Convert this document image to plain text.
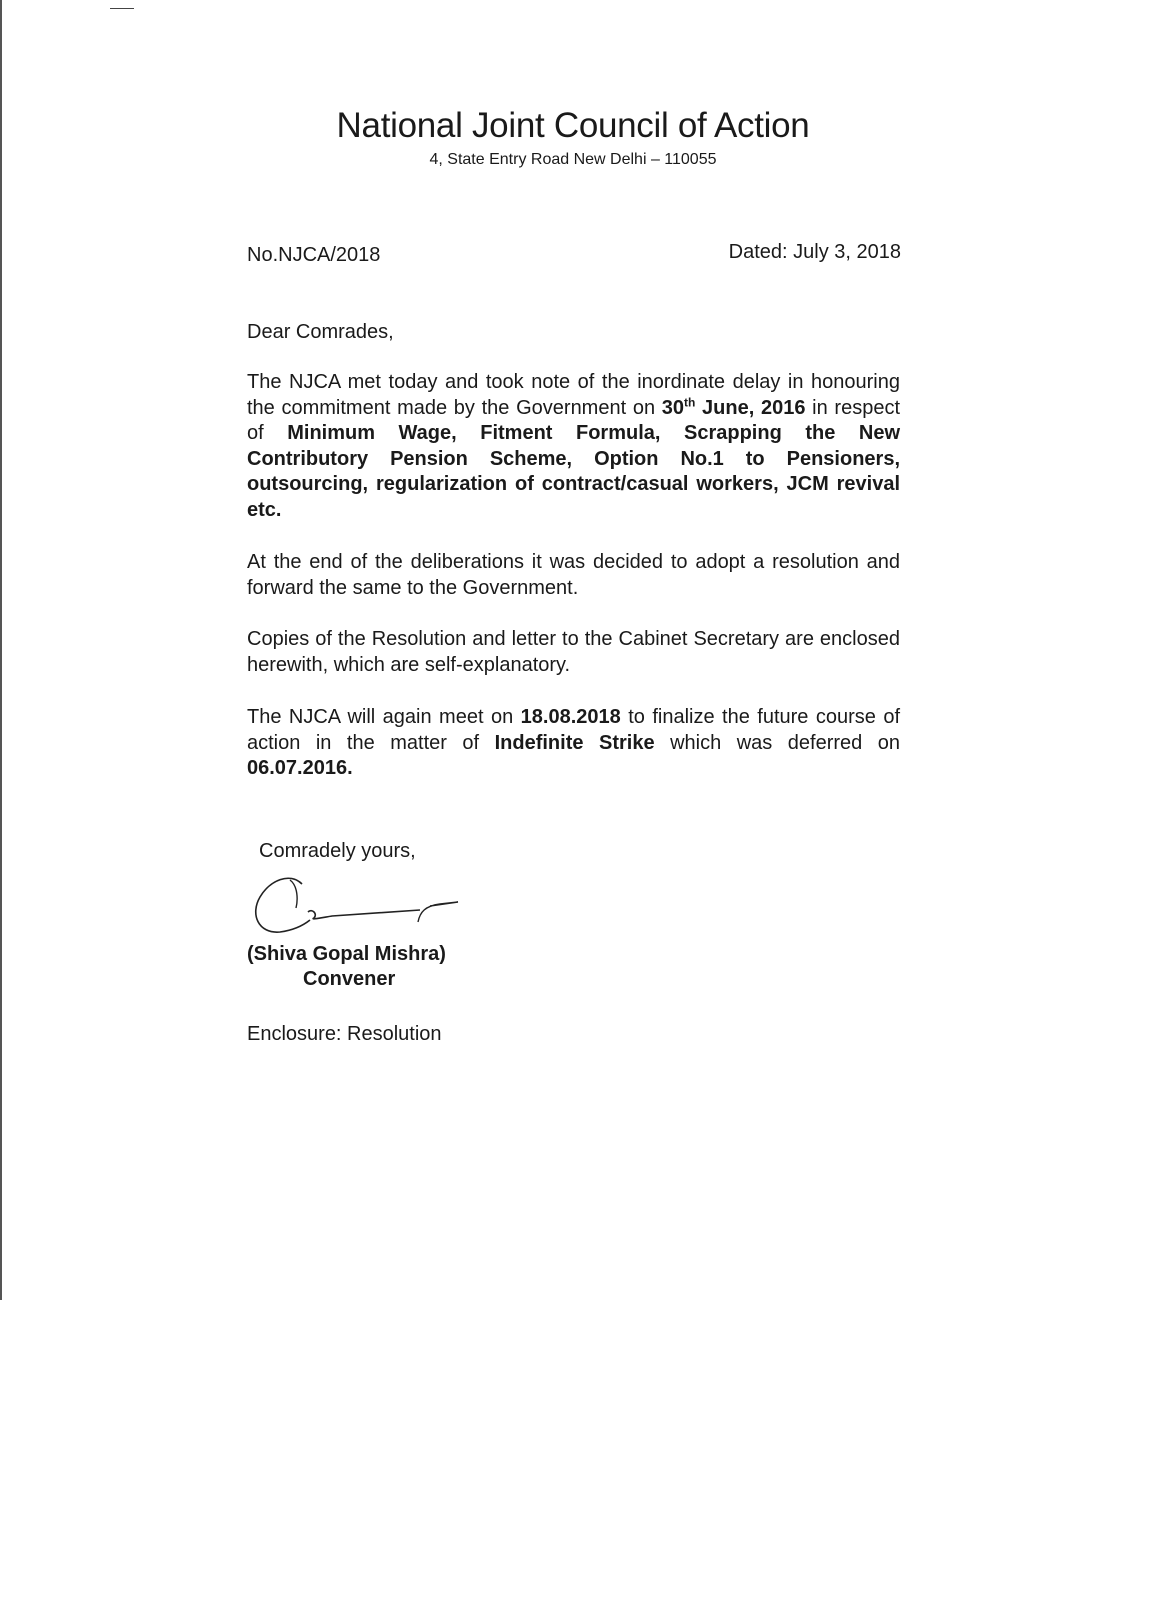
National Joint Council of Action
4, State Entry Road New Delhi – 110055
No.NJCA/2018	Dated: July 3, 2018
Dear Comrades,
The NJCA met today and took note of the inordinate delay in honouring the commitment made by the Government on 30th June, 2016 in respect of Minimum Wage, Fitment Formula, Scrapping the New Contributory Pension Scheme, Option No.1 to Pensioners, outsourcing, regularization of contract/casual workers, JCM revival etc.
At the end of the deliberations it was decided to adopt a resolution and forward the same to the Government.
Copies of the Resolution and letter to the Cabinet Secretary are enclosed herewith, which are self-explanatory.
The NJCA will again meet on 18.08.2018 to finalize the future course of action in the matter of Indefinite Strike which was deferred on 06.07.2016.
Comradely yours,
(Shiva Gopal Mishra)
Convener
Enclosure: Resolution
